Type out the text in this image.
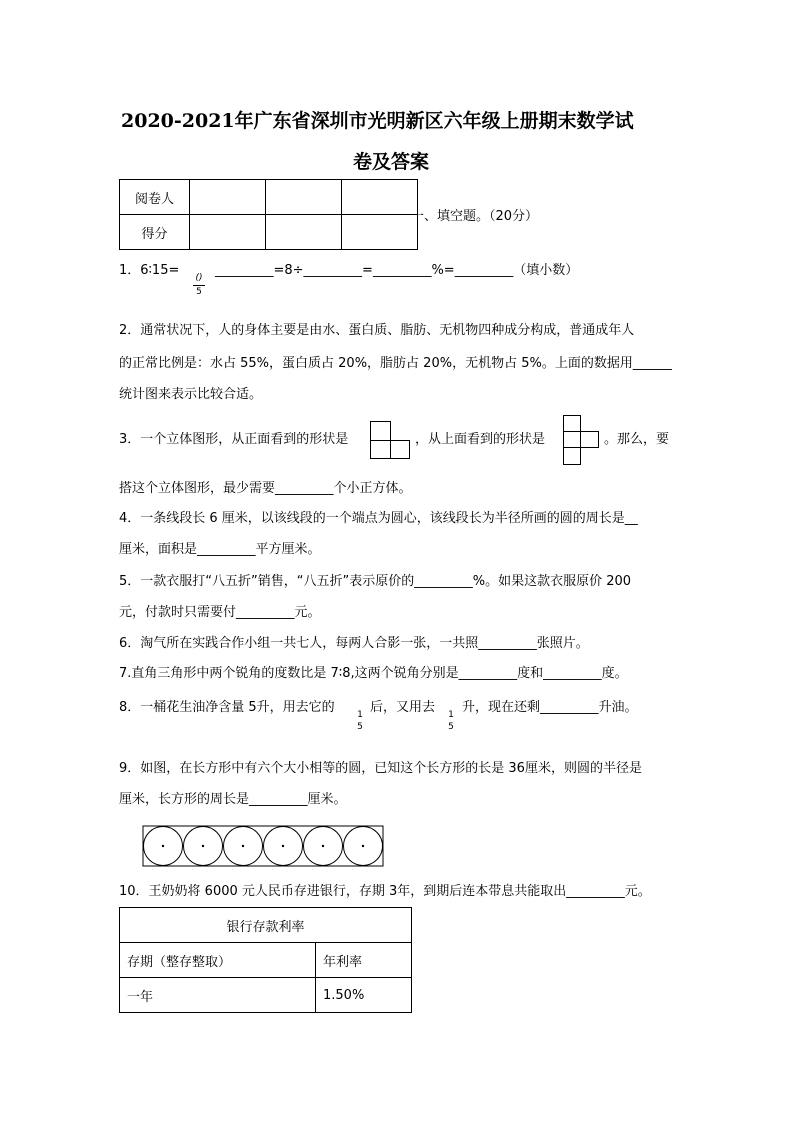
2020-2021年广东省深圳市光明新区六年级上册期末数学试
卷及答案
阅卷人			
得分			
一、填空题。（20分）
1．6∶15= ()
5
_________=8÷_________=_________%=_________（填小数）
2．通常状况下，人的身体主要是由水、蛋白质、脂肪、无机物四种成分构成，普通成年人
的正常比例是：水占 55%，蛋白质占 20%，脂肪占 20%，无机物占 5%。上面的数据用______
统计图来表示比较合适。
3．一个立体图形，从正面看到的形状是	，从上面看到的形状是	。那么，要
搭这个立体图形，最少需要_________个小正方体。
4．一条线段长 6 厘米，以该线段的一个端点为圆心，该线段长为半径所画的圆的周长是__
厘米，面积是_________平方厘米。
5．一款衣服打“八五折”销售，“八五折”表示原价的_________%。如果这款衣服原价 200
元，付款时只需要付_________元。
6．淘气所在实践合作小组一共七人，每两人合影一张，一共照_________张照片。
7.直角三角形中两个锐角的度数比是 7∶8,这两个锐角分别是_________度和_________度。
8．一桶花生油净含量 5升，用去它的 1
5
后，又用去 1
5
升，现在还剩_________升油。
9．如图，在长方形中有六个大小相等的圆，已知这个长方形的长是 36厘米，则圆的半径是
厘米，长方形的周长是_________厘米。
10．王奶奶将 6000 元人民币存进银行，存期 3年，到期后连本带息共能取出_________元。
银行存款利率	
存期（整存整取）	年利率
一年	1.50%
